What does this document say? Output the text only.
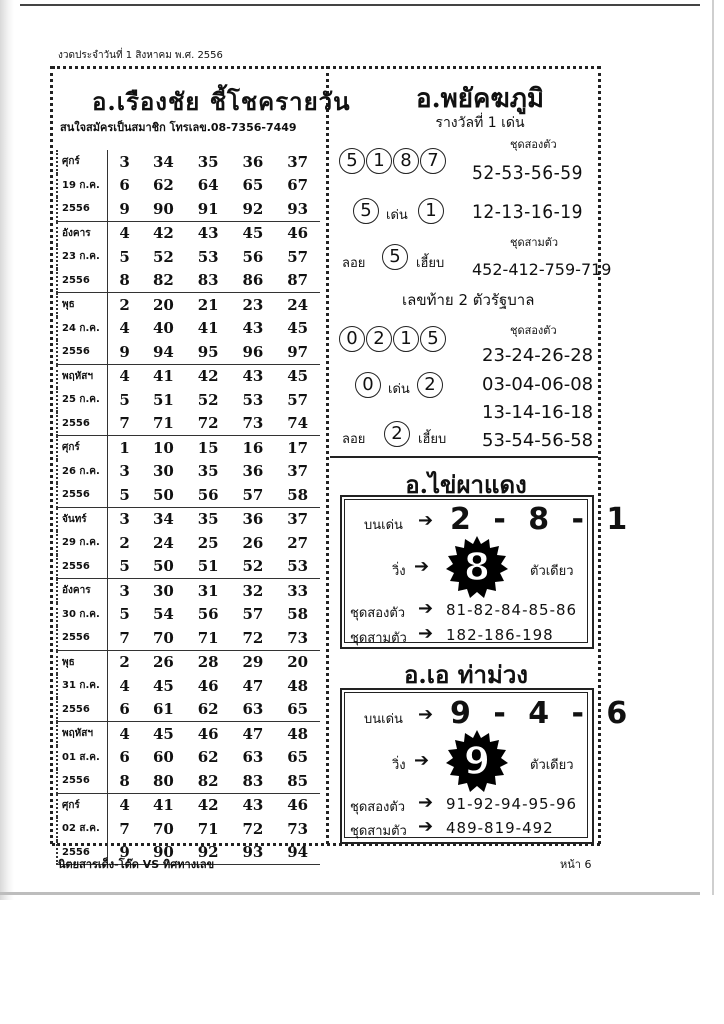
งวดประจำวันที่ 1 สิงหาคม พ.ศ. 2556
อ.เรืองชัย ชี้โชครายวัน
สนใจสมัครเป็นสมาชิก โทรเลข.08-7356-7449
ศุกร์	3	34	35	36	37
19 ก.ค.	6	62	64	65	67
2556	9	90	91	92	93
อังคาร	4	42	43	45	46
23 ก.ค.	5	52	53	56	57
2556	8	82	83	86	87
พุธ	2	20	21	23	24
24 ก.ค.	4	40	41	43	45
2556	9	94	95	96	97
พฤหัสฯ	4	41	42	43	45
25 ก.ค.	5	51	52	53	57
2556	7	71	72	73	74
ศุกร์	1	10	15	16	17
26 ก.ค.	3	30	35	36	37
2556	5	50	56	57	58
จันทร์	3	34	35	36	37
29 ก.ค.	2	24	25	26	27
2556	5	50	51	52	53
อังคาร	3	30	31	32	33
30 ก.ค.	5	54	56	57	58
2556	7	70	71	72	73
พุธ	2	26	28	29	20
31 ก.ค.	4	45	46	47	48
2556	6	61	62	63	65
พฤหัสฯ	4	45	46	47	48
01 ส.ค.	6	60	62	63	65
2556	8	80	82	83	85
ศุกร์	4	41	42	43	46
02 ส.ค.	7	70	71	72	73
2556	9	90	92	93	94
อ.พยัคฆภูมิ
รางวัลที่ 1 เด่น
ชุดสองตัว
5 1 8 7
52-53-56-59
5	เด่น 1	12-13-16-19
ชุดสามตัว
ลอย	5	เฮี้ยบ 452-412-759-719
เลขท้าย 2 ตัวรัฐบาล
ชุดสองตัว
0 2 1 5
23-24-26-28
0	เด่น 2	03-04-06-08
13-14-16-18
ลอย	2	เฮี้ยบ 53-54-56-58
อ.ไข่ผาแดง
บนเด่น ➔ 2 - 8 - 1
วิ่ง ➔ 8	ตัวเดียว
ชุดสองตัว ➔ 81-82-84-85-86
ชุดสามตัว ➔ 182-186-198
อ.เอ ท่าม่วง
บนเด่น ➔ 9 - 4 - 6
วิ่ง ➔ 9	ตัวเดียว
ชุดสองตัว ➔ 91-92-94-95-96
ชุดสามตัว ➔ 489-819-492
นิตยสารเด็ง-โต๊ด VS ทิศทางเลข	หน้า 6
